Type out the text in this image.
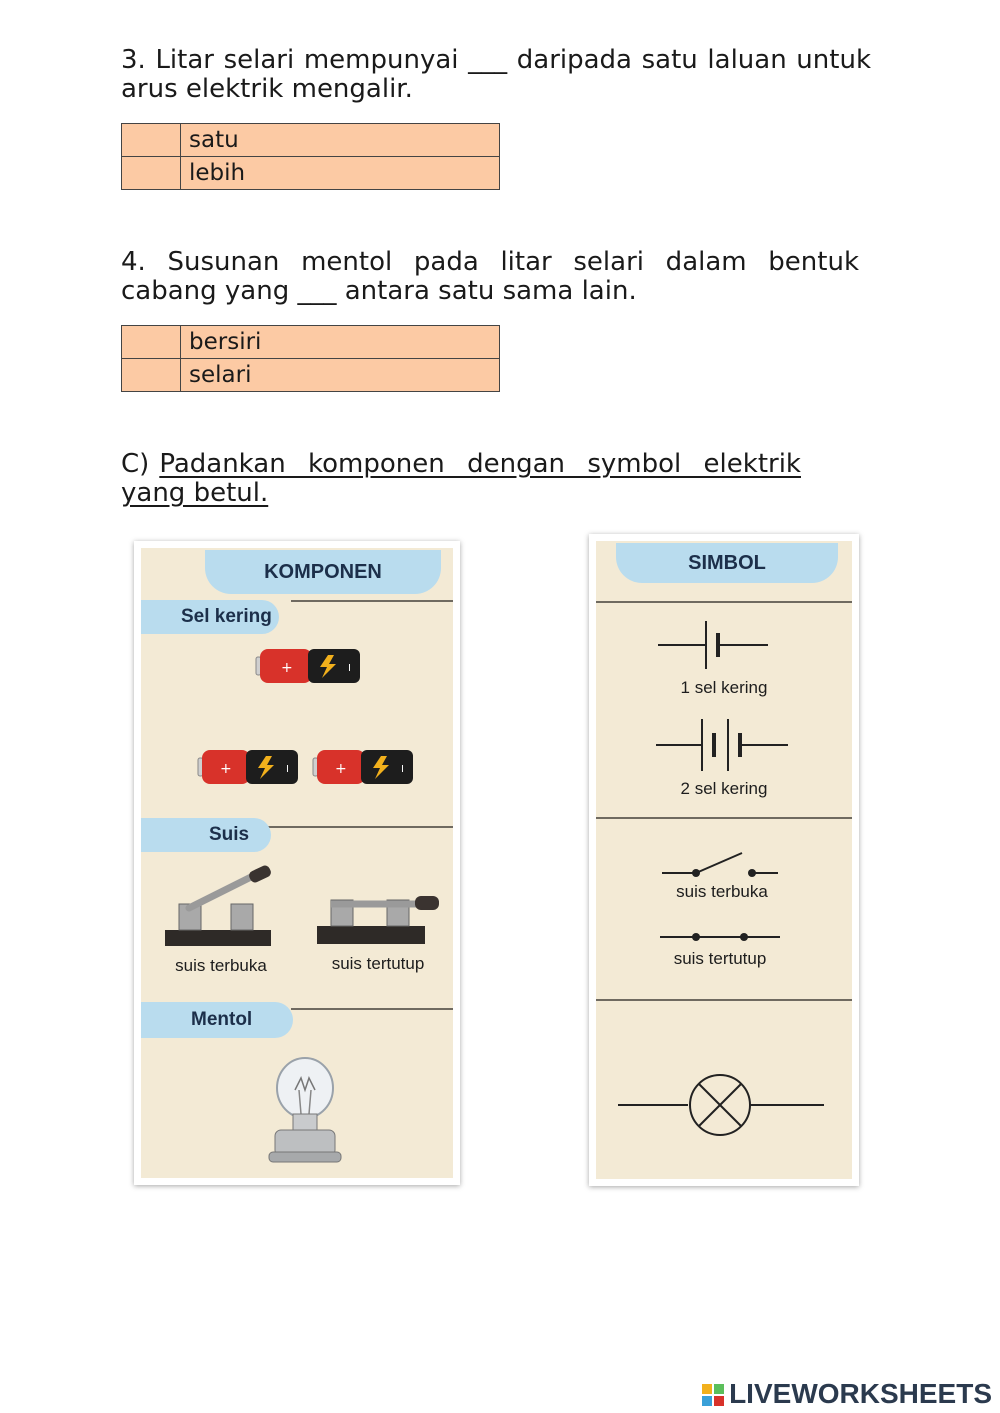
3. Litar selari mempunyai ___ daripada satu laluan untuk arus elektrik mengalir.
	satu
	lebih
4. Susunan mentol pada litar selari dalam bentuk cabang yang ___ antara satu sama lain.
	bersiri
	selari
C) Padankan komponen dengan symbol elektrik yang betul.
KOMPONEN
Sel kering
+	I
+	I	+	I
Suis
suis terbuka	suis tertutup
Mentol
SIMBOL
1 sel kering
2 sel kering
suis terbuka
suis tertutup
LIVEWORKSHEETS
